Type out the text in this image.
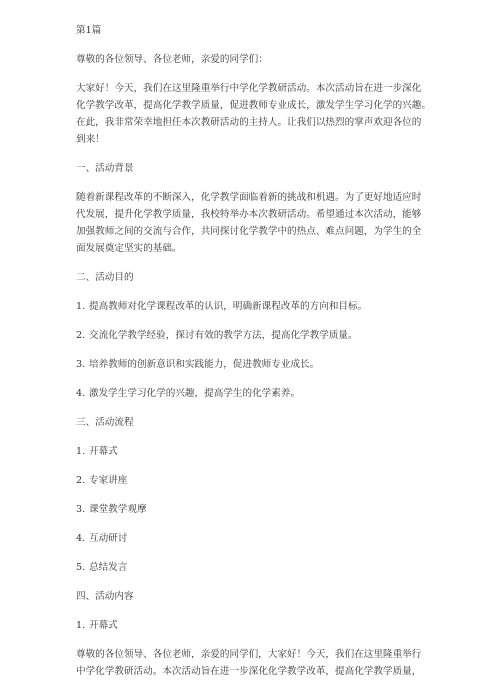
第1篇
尊敬的各位领导、各位老师，亲爱的同学们：
大家好！今天，我们在这里隆重举行中学化学教研活动。本次活动旨在进一步深化
化学教学改革，提高化学教学质量，促进教师专业成长，激发学生学习化学的兴趣。
在此，我非常荣幸地担任本次教研活动的主持人。让我们以热烈的掌声欢迎各位的
到来！
一、活动背景
随着新课程改革的不断深入，化学教学面临着新的挑战和机遇。为了更好地适应时
代发展，提升化学教学质量，我校特举办本次教研活动。希望通过本次活动，能够
加强教师之间的交流与合作，共同探讨化学教学中的热点、难点问题，为学生的全
面发展奠定坚实的基础。
二、活动目的
1. 提高教师对化学课程改革的认识，明确新课程改革的方向和目标。
2. 交流化学教学经验，探讨有效的教学方法，提高化学教学质量。
3. 培养教师的创新意识和实践能力，促进教师专业成长。
4. 激发学生学习化学的兴趣，提高学生的化学素养。
三、活动流程
1. 开幕式
2. 专家讲座
3. 课堂教学观摩
4. 互动研讨
5. 总结发言
四、活动内容
1. 开幕式
尊敬的各位领导、各位老师，亲爱的同学们，大家好！今天，我们在这里隆重举行
中学化学教研活动。本次活动旨在进一步深化化学教学改革，提高化学教学质量，
